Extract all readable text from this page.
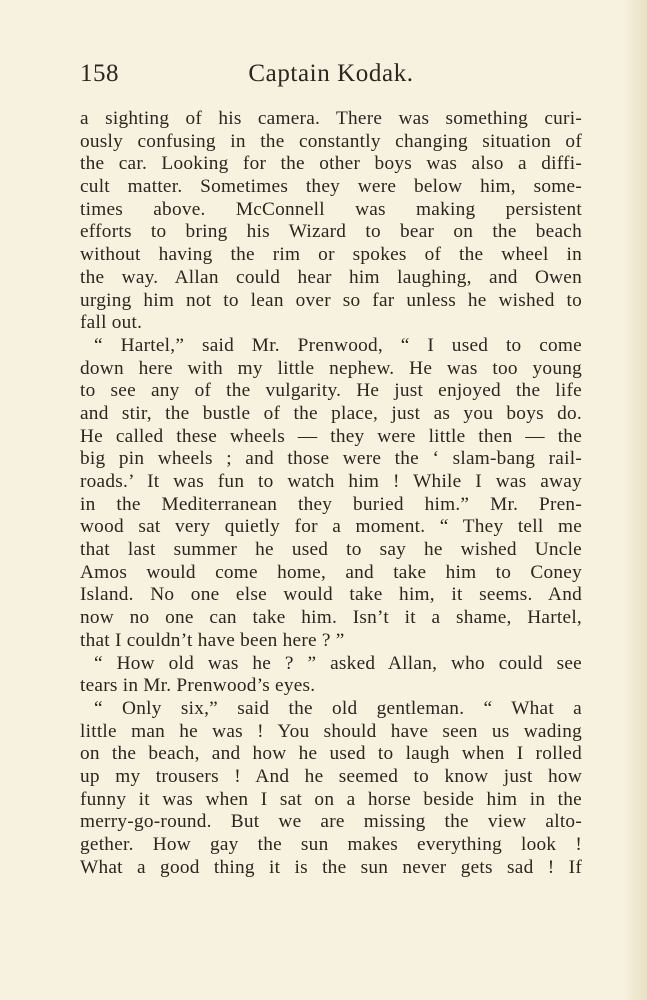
158	Captain Kodak.
a sighting of his camera. There was something curi-
ously confusing in the constantly changing situation of
the car. Looking for the other boys was also a diffi-
cult matter. Sometimes they were below him, some-
times above. McConnell was making persistent
efforts to bring his Wizard to bear on the beach
without having the rim or spokes of the wheel in
the way. Allan could hear him laughing, and Owen
urging him not to lean over so far unless he wished to
fall out.
“ Hartel,” said Mr. Prenwood, “ I used to come
down here with my little nephew. He was too young
to see any of the vulgarity. He just enjoyed the life
and stir, the bustle of the place, just as you boys do.
He called these wheels — they were little then — the
big pin wheels ; and those were the ‘ slam-bang rail-
roads.’ It was fun to watch him ! While I was away
in the Mediterranean they buried him.” Mr. Pren-
wood sat very quietly for a moment. “ They tell me
that last summer he used to say he wished Uncle
Amos would come home, and take him to Coney
Island. No one else would take him, it seems. And
now no one can take him. Isn’t it a shame, Hartel,
that I couldn’t have been here ? ”
“ How old was he ? ” asked Allan, who could see
tears in Mr. Prenwood’s eyes.
“ Only six,” said the old gentleman. “ What a
little man he was ! You should have seen us wading
on the beach, and how he used to laugh when I rolled
up my trousers ! And he seemed to know just how
funny it was when I sat on a horse beside him in the
merry-go-round. But we are missing the view alto-
gether. How gay the sun makes everything look !
What a good thing it is the sun never gets sad ! If
